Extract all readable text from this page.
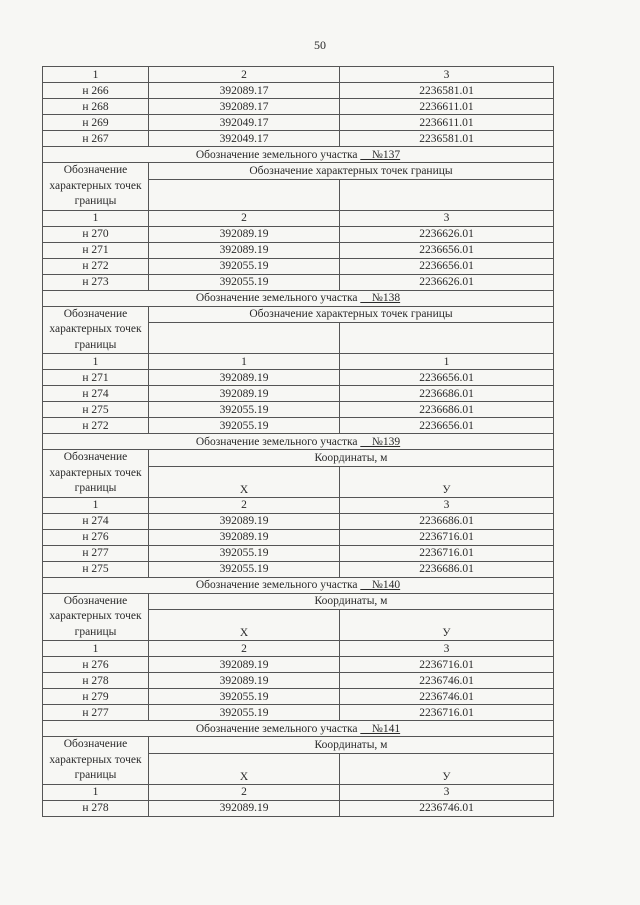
50
1	2	3
н 266	392089.17	2236581.01
н 268	392089.17	2236611.01
н 269	392049.17	2236611.01
н 267	392049.17	2236581.01
Обозначение земельного участка __№137		
Обозначение характерных точек границы	Обозначение характерных точек границы	

1	2	3
н 270	392089.19	2236626.01
н 271	392089.19	2236656.01
н 272	392055.19	2236656.01
н 273	392055.19	2236626.01
Обозначение земельного участка __№138		
Обозначение характерных точек границы	Обозначение характерных точек границы	

1	1	1
н 271	392089.19	2236656.01
н 274	392089.19	2236686.01
н 275	392055.19	2236686.01
н 272	392055.19	2236656.01
Обозначение земельного участка __№139		
Обозначение характерных точек границы	Координаты, м	
	X	У
1	2	3
н 274	392089.19	2236686.01
н 276	392089.19	2236716.01
н 277	392055.19	2236716.01
н 275	392055.19	2236686.01
Обозначение земельного участка __№140		
Обозначение характерных точек границы	Координаты, м	
	X	У
1	2	3
н 276	392089.19	2236716.01
н 278	392089.19	2236746.01
н 279	392055.19	2236746.01
н 277	392055.19	2236716.01
Обозначение земельного участка __№141		
Обозначение характерных точек границы	Координаты, м	
	X	У
1	2	3
н 278	392089.19	2236746.01
